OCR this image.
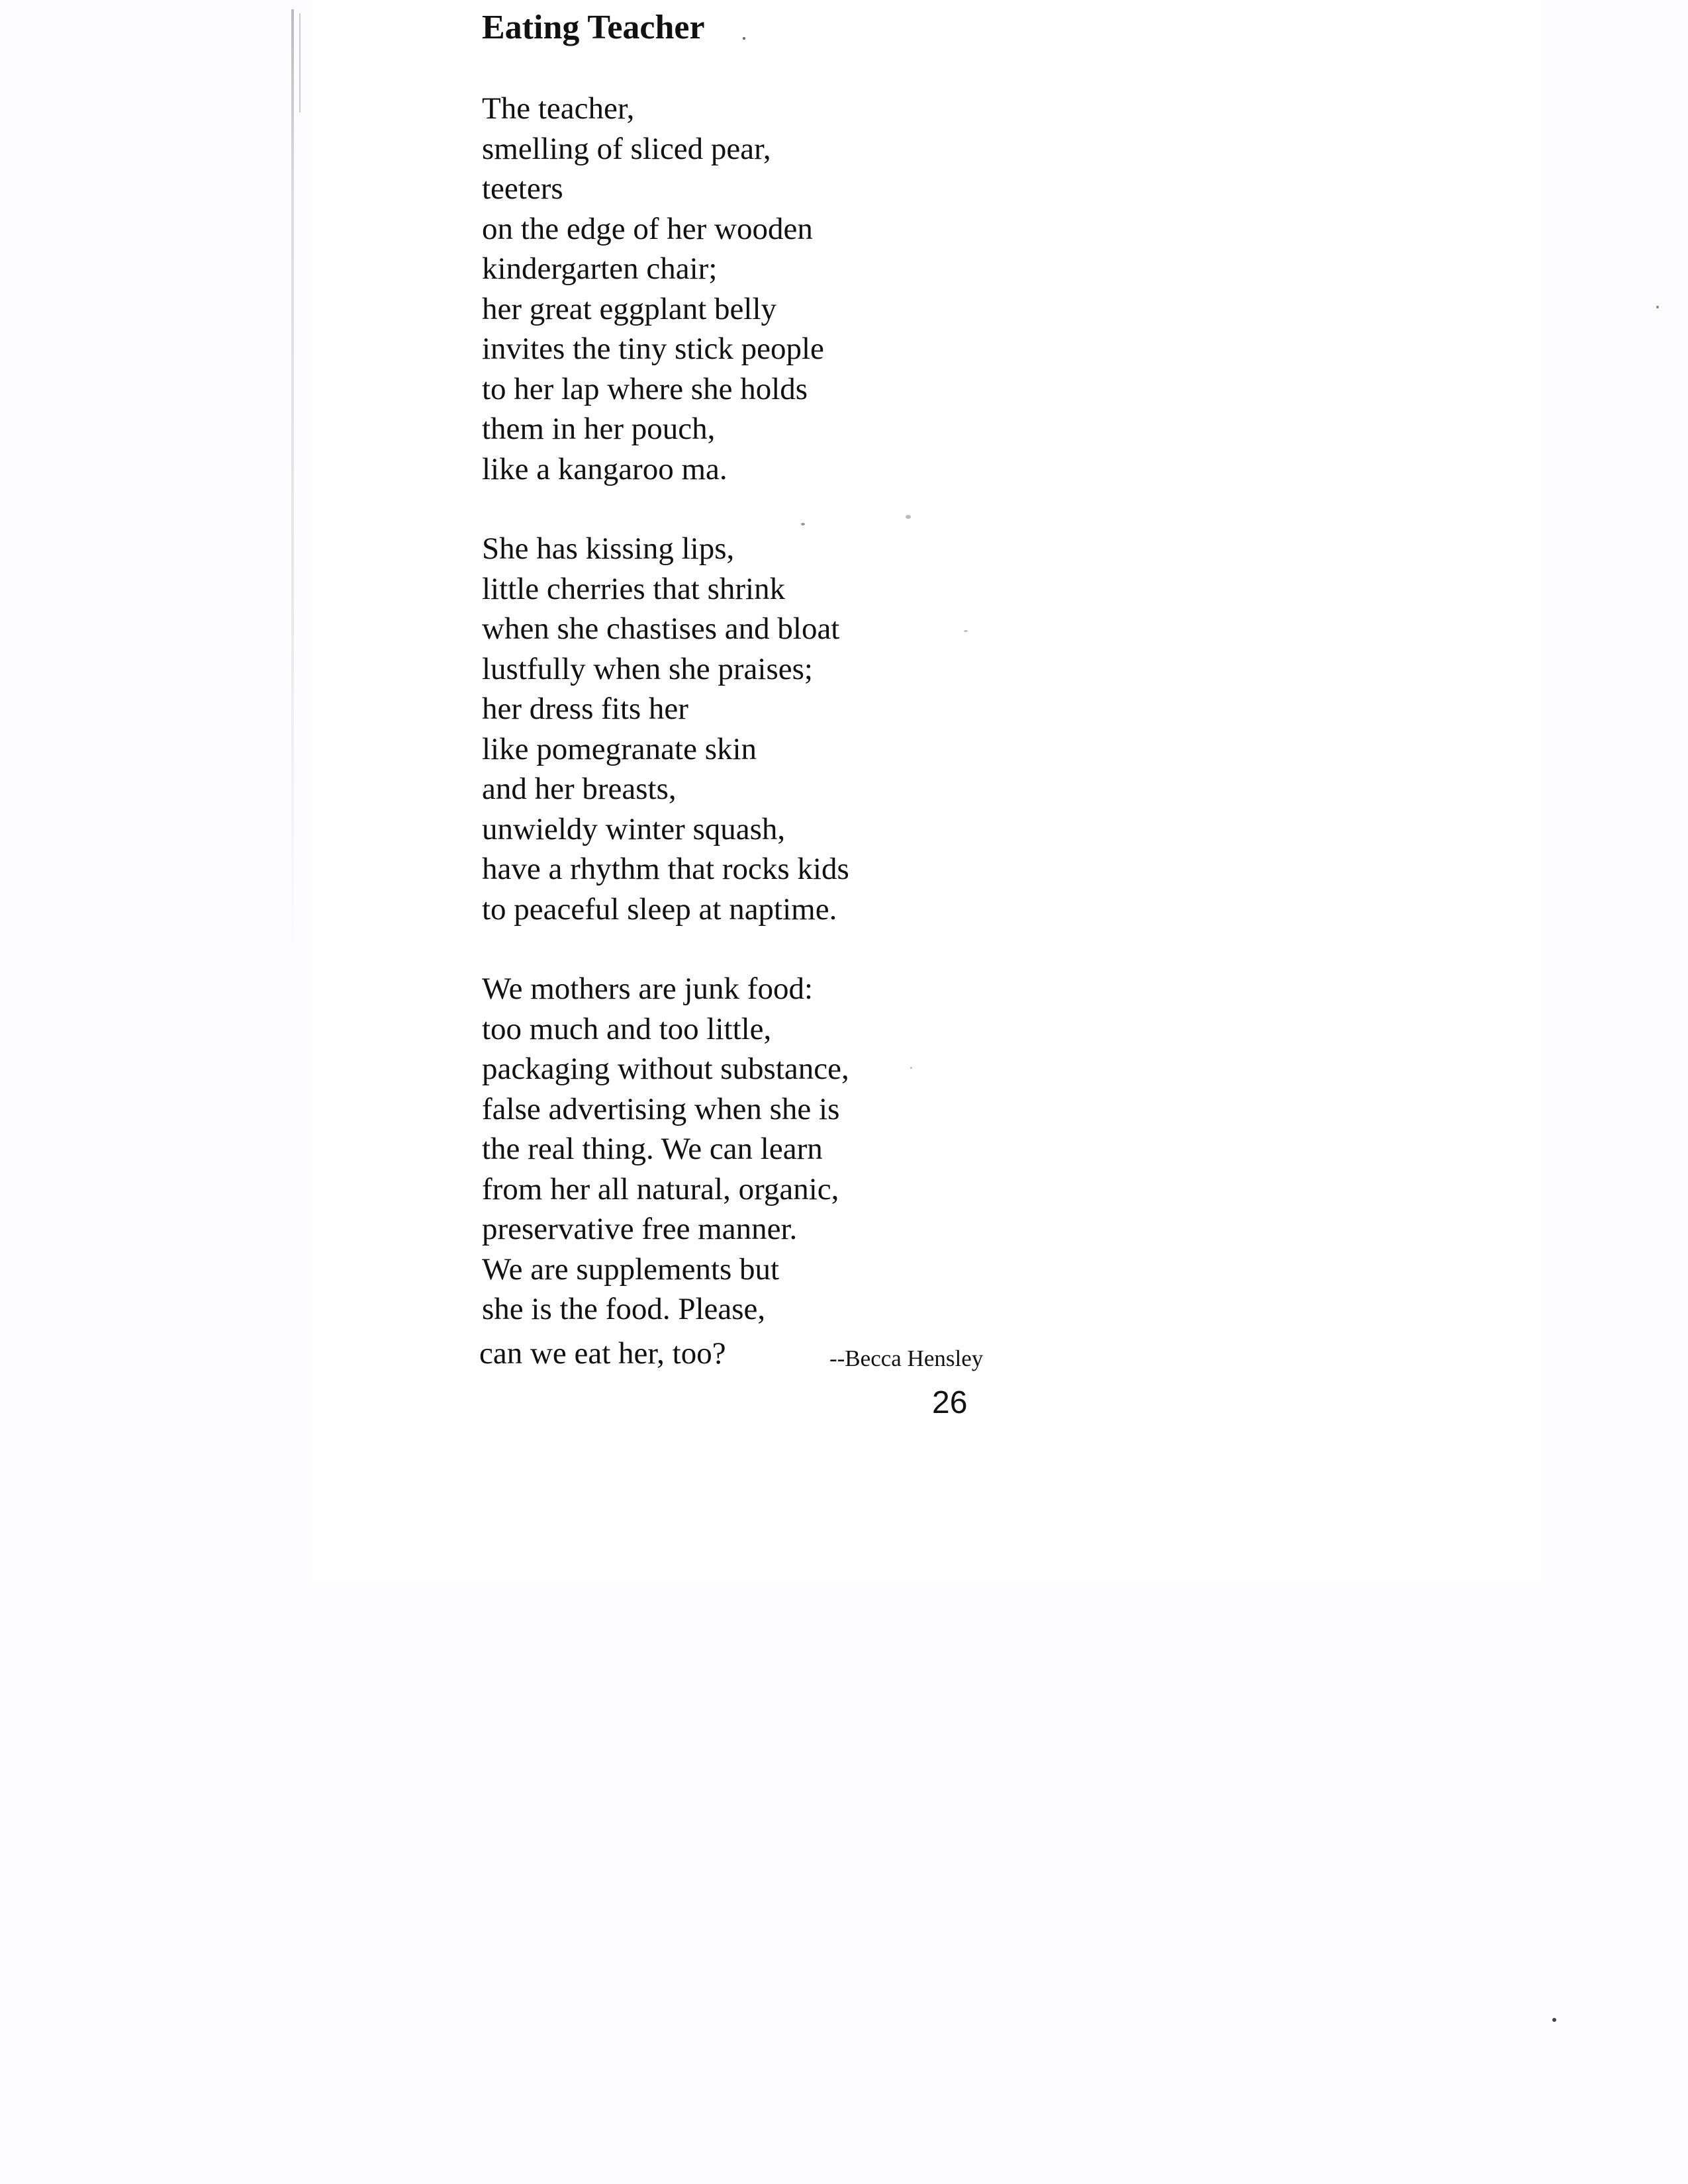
Eating Teacher
The teacher,
smelling of sliced pear,
teeters
on the edge of her wooden
kindergarten chair;
her great eggplant belly
invites the tiny stick people
to her lap where she holds
them in her pouch,
like a kangaroo ma.
She has kissing lips,
little cherries that shrink
when she chastises and bloat
lustfully when she praises;
her dress fits her
like pomegranate skin
and her breasts,
unwieldy winter squash,
have a rhythm that rocks kids
to peaceful sleep at naptime.
We mothers are junk food:
too much and too little,
packaging without substance,
false advertising when she is
the real thing. We can learn
from her all natural, organic,
preservative free manner.
We are supplements but
she is the food. Please,
can we eat her, too?	--Becca Hensley
26
